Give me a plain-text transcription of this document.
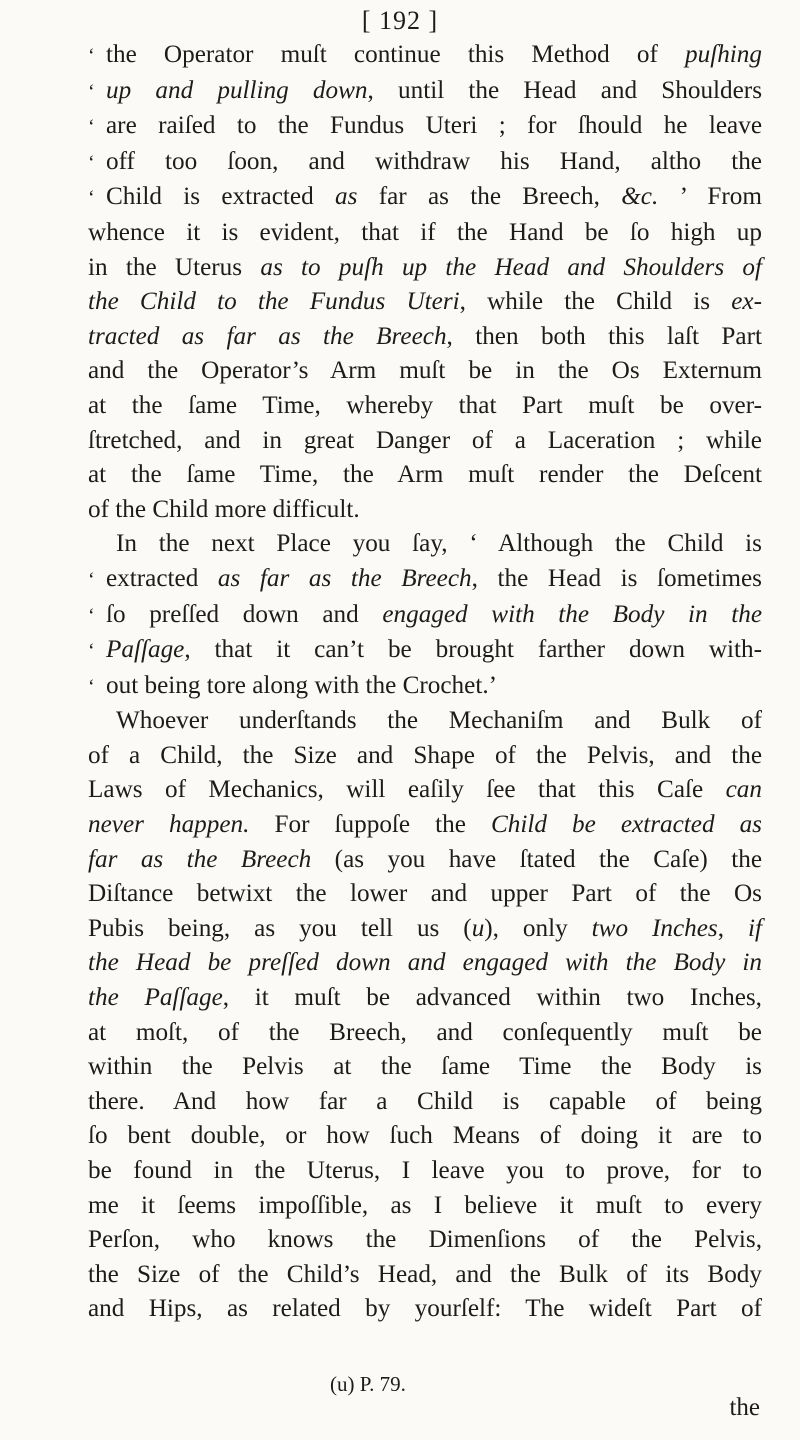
[ 192 ]
‘ the Operator muſt continue this Method of puſhing
‘ up and pulling down, until the Head and Shoulders
‘ are raiſed to the Fundus Uteri ; for ſhould he leave
‘ off too ſoon, and withdraw his Hand, altho the
‘ Child is extracted as far as the Breech, &c. ’ From
whence it is evident, that if the Hand be ſo high up
in the Uterus as to puſh up the Head and Shoulders of
the Child to the Fundus Uteri, while the Child is ex-
tracted as far as the Breech, then both this laſt Part
and the Operator’s Arm muſt be in the Os Externum
at the ſame Time, whereby that Part muſt be over-
ſtretched, and in great Danger of a Laceration ; while
at the ſame Time, the Arm muſt render the Deſcent
of the Child more difficult.
In the next Place you ſay, ‘ Although the Child is
‘ extracted as far as the Breech, the Head is ſometimes
‘ ſo preſſed down and engaged with the Body in the
‘ Paſſage, that it can’t be brought farther down with-
‘ out being tore along with the Crochet.’
Whoever underſtands the Mechaniſm and Bulk of
of a Child, the Size and Shape of the Pelvis, and the
Laws of Mechanics, will eaſily ſee that this Caſe can
never happen. For ſuppoſe the Child be extracted as
far as the Breech (as you have ſtated the Caſe) the
Diſtance betwixt the lower and upper Part of the Os
Pubis being, as you tell us (u), only two Inches, if
the Head be preſſed down and engaged with the Body in
the Paſſage, it muſt be advanced within two Inches,
at moſt, of the Breech, and conſequently muſt be
within the Pelvis at the ſame Time the Body is
there. And how far a Child is capable of being
ſo bent double, or how ſuch Means of doing it are to
be found in the Uterus, I leave you to prove, for to
me it ſeems impoſſible, as I believe it muſt to every
Perſon, who knows the Dimenſions of the Pelvis,
the Size of the Child’s Head, and the Bulk of its Body
and Hips, as related by yourſelf: The wideſt Part of
(u) P. 79.
the
